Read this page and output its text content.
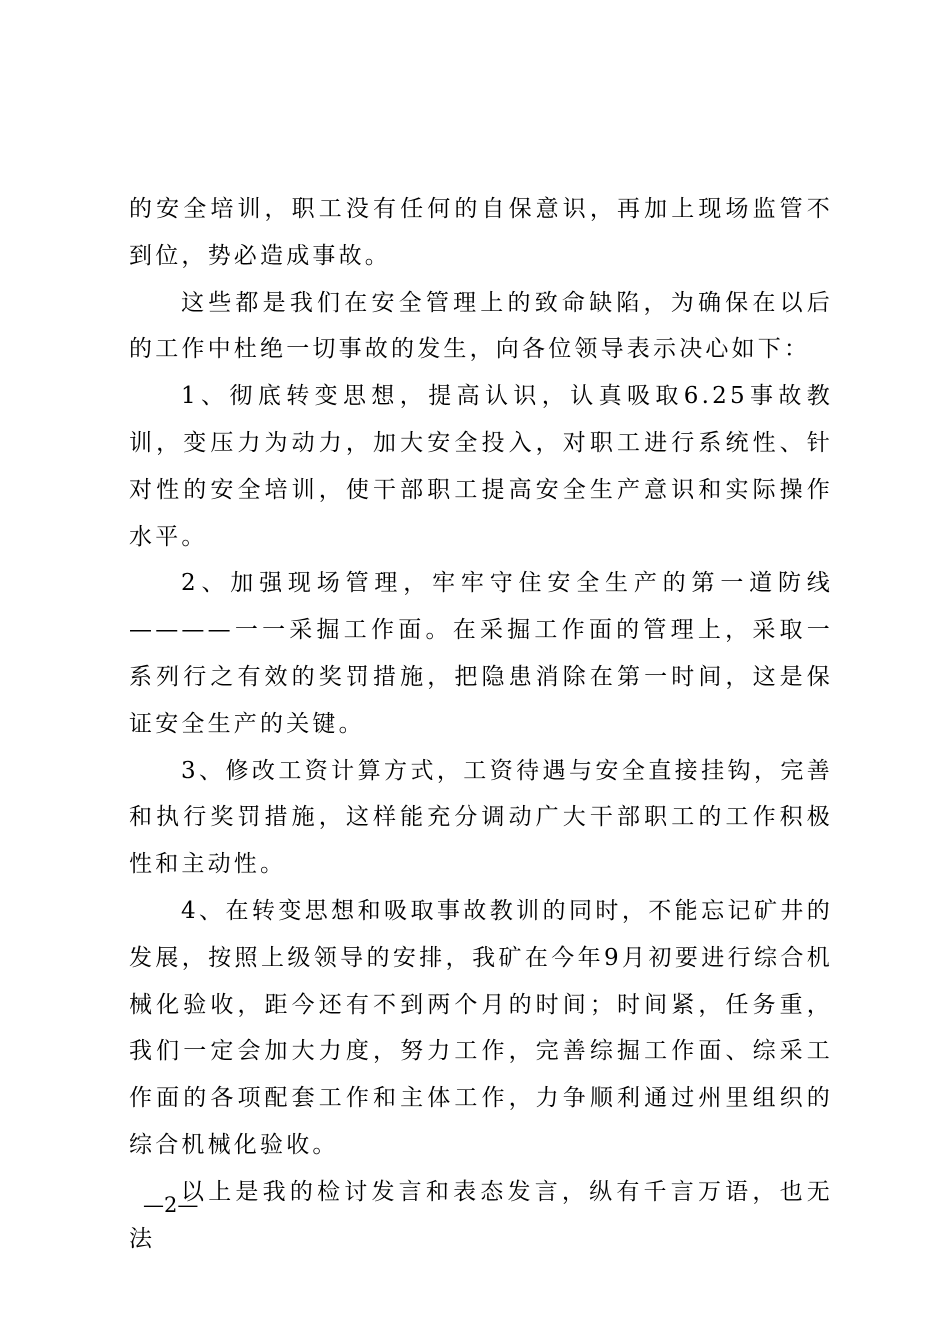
的安全培训，职工没有任何的自保意识，再加上现场监管不到位，势必造成事故。

这些都是我们在安全管理上的致命缺陷，为确保在以后的工作中杜绝一切事故的发生，向各位领导表示决心如下：

1、彻底转变思想，提高认识，认真吸取6.25事故教训，变压力为动力，加大安全投入，对职工进行系统性、针对性的安全培训，使干部职工提高安全生产意识和实际操作水平。

2、加强现场管理，牢牢守住安全生产的第一道防线————一一采掘工作面。在采掘工作面的管理上，采取一系列行之有效的奖罚措施，把隐患消除在第一时间，这是保证安全生产的关键。

3、修改工资计算方式，工资待遇与安全直接挂钩，完善和执行奖罚措施，这样能充分调动广大干部职工的工作积极性和主动性。

4、在转变思想和吸取事故教训的同时，不能忘记矿井的发展，按照上级领导的安排，我矿在今年9月初要进行综合机械化验收，距今还有不到两个月的时间；时间紧，任务重，我们一定会加大力度，努力工作，完善综掘工作面、综采工作面的各项配套工作和主体工作，力争顺利通过州里组织的综合机械化验收。

以上是我的检讨发言和表态发言，纵有千言万语，也无法

—2—
